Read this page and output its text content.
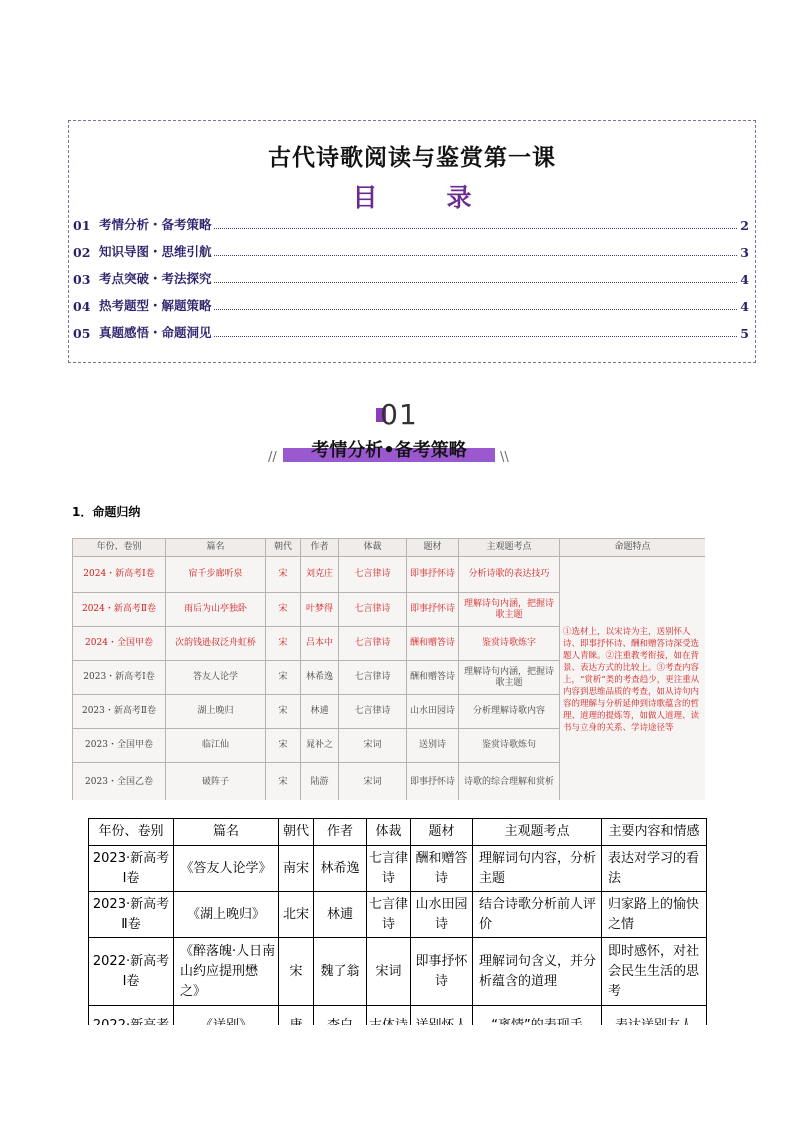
古代诗歌阅读与鉴赏第一课
目　录
01 考情分析・备考策略	2
02 知识导图・思维引航	3
03 考点突破・考法探究	4
04 热考题型・解题策略	4
05 真题感悟・命题洞见	5
01
//	考情分析•备考策略	\\
1．命题归纳
年份、卷别	篇名	朝代	作者	体裁	题材	主观题考点	命题特点
2024・新高考Ⅰ卷	宿千步廊听泉	宋	刘克庄	七言律诗	即事抒怀诗	分析诗歌的表达技巧	①选材上，以宋诗为主，送别怀人诗、即事抒怀诗、酬和赠答诗深受选题人青睐。②注重教考衔接，如在背景、表达方式的比较上。③考查内容上，“赏析”类的考查趋少，更注重从内容到思维品质的考查，如从诗句内容的理解与分析延伸到诗歌蕴含的哲理、道理的提炼等，如做人道理、读书与立身的关系、学诗途径等
2024・新高考Ⅱ卷	雨后为山亭独卧	宋	叶梦得	七言律诗	即事抒怀诗	理解诗句内涵，把握诗歌主题	
2024・全国甲卷	次韵钱逊叔泛舟虹桥	宋	吕本中	七言律诗	酬和赠答诗	鉴赏诗歌炼字	
2023・新高考Ⅰ卷	答友人论学	宋	林希逸	七言律诗	酬和赠答诗	理解诗句内涵，把握诗歌主题	
2023・新高考Ⅱ卷	湖上晚归	宋	林逋	七言律诗	山水田园诗	分析理解诗歌内容	
2023・全国甲卷	临江仙	宋	晁补之	宋词	送别诗	鉴赏诗歌炼句	
2023・全国乙卷	破阵子	宋	陆游	宋词	即事抒怀诗	诗歌的综合理解和赏析	
年份、卷别	篇名	朝代	作者	体裁	题材	主观题考点	主要内容和情感
2023·新高考Ⅰ卷	《答友人论学》	南宋	林希逸	七言律诗	酬和赠答诗	理解词句内容，分析主题	表达对学习的看法
2023·新高考Ⅱ卷	《湖上晚归》	北宋	林逋	七言律诗	山水田园诗	结合诗歌分析前人评价	归家路上的愉快之情
2022·新高考Ⅰ卷	《醉落魄·人日南山约应提刑懋之》	宋	魏了翁	宋词	即事抒怀诗	理解词句含义，并分析蕴含的道理	即时感怀，对社会民生生活的思考
